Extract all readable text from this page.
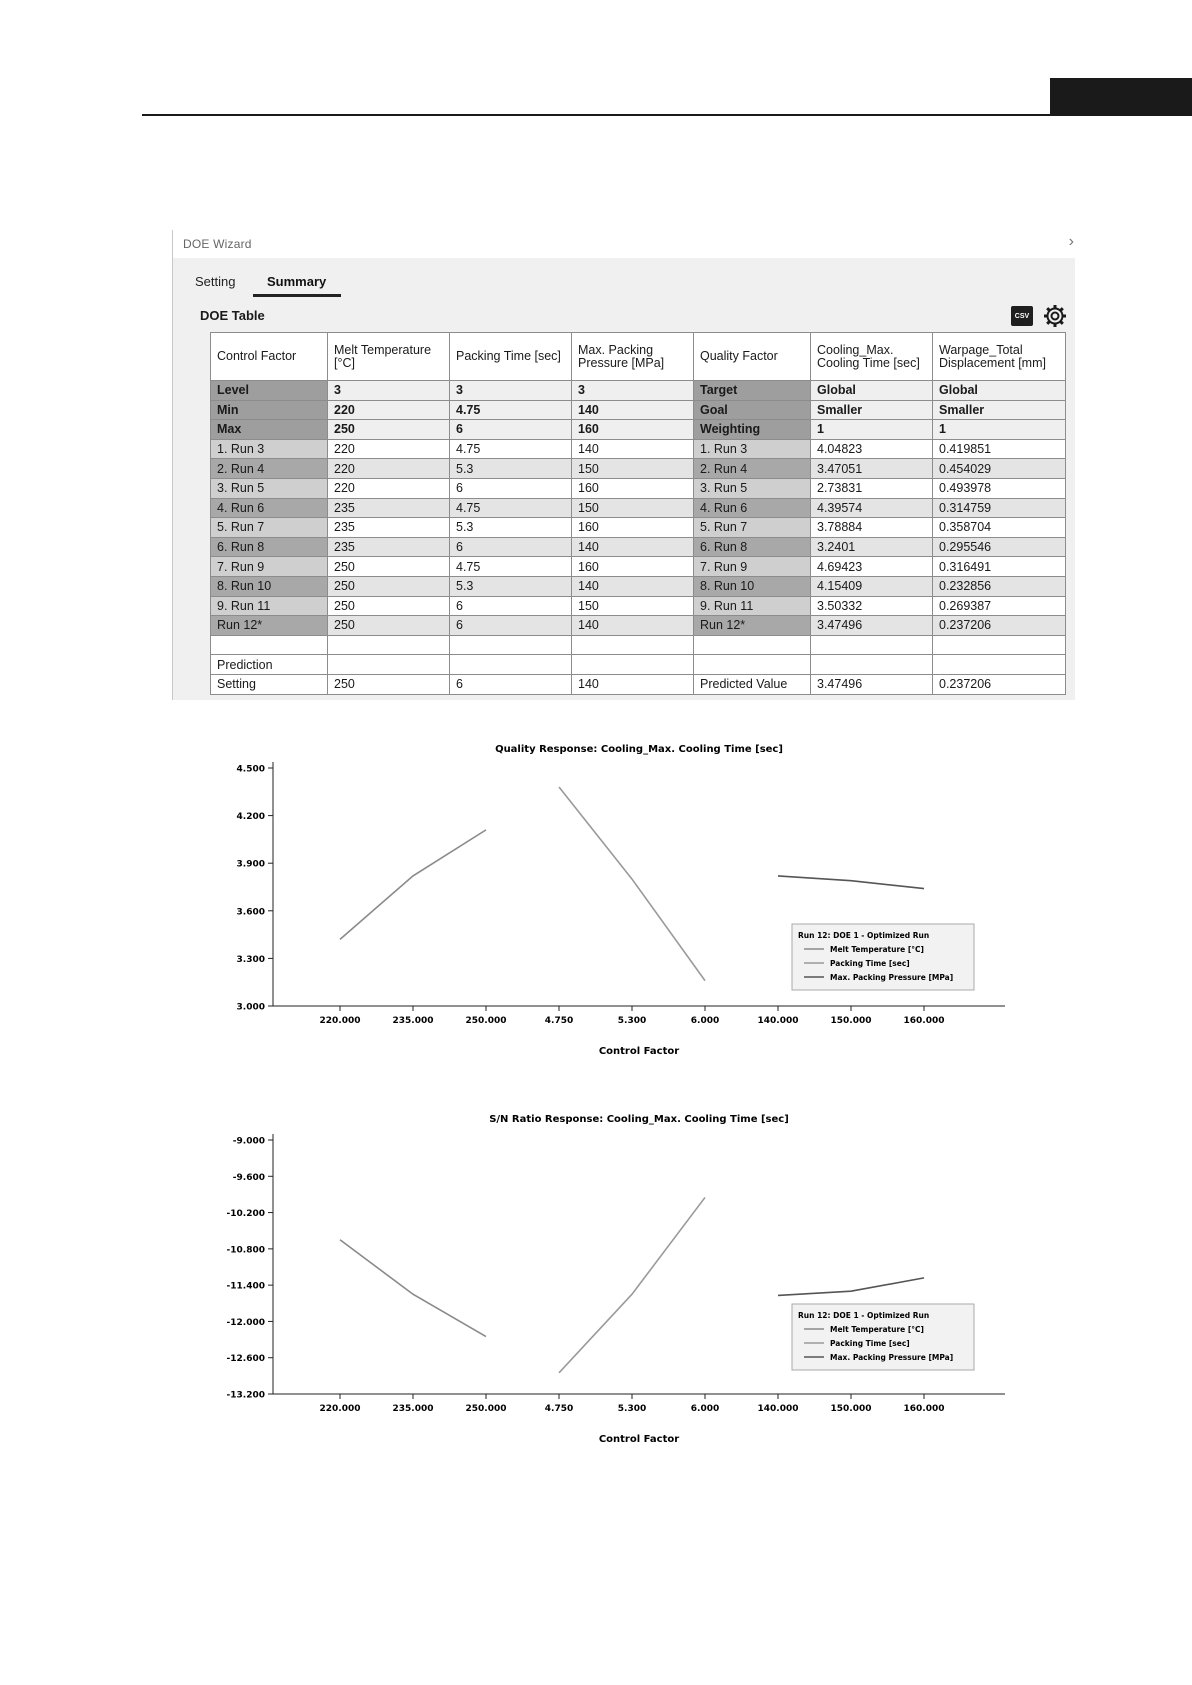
DOE Wizard	›
Setting Summary
DOE Table	CSV
Control Factor	Melt Temperature [°C]	Packing Time [sec]	Max. Packing Pressure [MPa]	Quality Factor	Cooling_Max. Cooling Time [sec]	Warpage_Total Displacement [mm]
Level	3	3	3	Target	Global	Global
Min	220	4.75	140	Goal	Smaller	Smaller
Max	250	6	160	Weighting	1	1
1. Run 3	220	4.75	140	1. Run 3	4.04823	0.419851
2. Run 4	220	5.3	150	2. Run 4	3.47051	0.454029
3. Run 5	220	6	160	3. Run 5	2.73831	0.493978
4. Run 6	235	4.75	150	4. Run 6	4.39574	0.314759
5. Run 7	235	5.3	160	5. Run 7	3.78884	0.358704
6. Run 8	235	6	140	6. Run 8	3.2401	0.295546
7. Run 9	250	4.75	160	7. Run 9	4.69423	0.316491
8. Run 10	250	5.3	140	8. Run 10	4.15409	0.232856
9. Run 11	250	6	150	9. Run 11	3.50332	0.269387
Run 12*	250	6	140	Run 12*	3.47496	0.237206

Prediction						
Setting	250	6	140	Predicted Value	3.47496	0.237206
Quality Response: Cooling_Max. Cooling Time [sec]
4.500
4.200
3.900
3.600
3.300
3.000
220.000	235.000	250.000	4.750	5.300	6.000	140.000	150.000	160.000
Control Factor
Run 12: DOE 1 - Optimized Run
Melt Temperature [°C]
Packing Time [sec]
Max. Packing Pressure [MPa]
S/N Ratio Response: Cooling_Max. Cooling Time [sec]
-9.000
-9.600
-10.200
-10.800
-11.400
-12.000
-12.600
-13.200
220.000	235.000	250.000	4.750	5.300	6.000	140.000	150.000	160.000
Control Factor
Run 12: DOE 1 - Optimized Run
Melt Temperature [°C]
Packing Time [sec]
Max. Packing Pressure [MPa]
